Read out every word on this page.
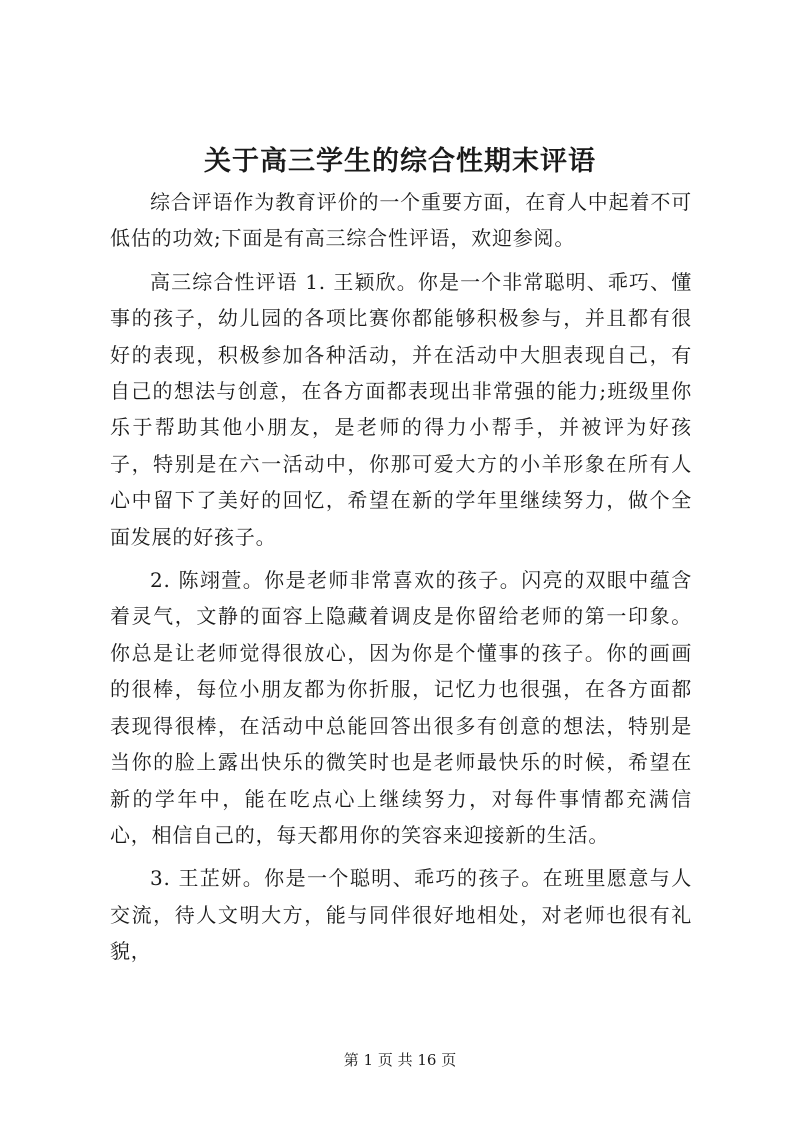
关于高三学生的综合性期末评语

综合评语作为教育评价的一个重要方面，在育人中起着不可低估的功效;下面是有高三综合性评语，欢迎参阅。

高三综合性评语 1. 王颖欣。你是一个非常聪明、乖巧、懂事的孩子，幼儿园的各项比赛你都能够积极参与，并且都有很好的表现，积极参加各种活动，并在活动中大胆表现自己，有自己的想法与创意，在各方面都表现出非常强的能力;班级里你乐于帮助其他小朋友，是老师的得力小帮手，并被评为好孩子，特别是在六一活动中，你那可爱大方的小羊形象在所有人心中留下了美好的回忆，希望在新的学年里继续努力，做个全面发展的好孩子。

2. 陈翊萱。你是老师非常喜欢的孩子。闪亮的双眼中蕴含着灵气，文静的面容上隐藏着调皮是你留给老师的第一印象。你总是让老师觉得很放心，因为你是个懂事的孩子。你的画画的很棒，每位小朋友都为你折服，记忆力也很强，在各方面都表现得很棒，在活动中总能回答出很多有创意的想法，特别是当你的脸上露出快乐的微笑时也是老师最快乐的时候，希望在新的学年中，能在吃点心上继续努力，对每件事情都充满信心，相信自己的，每天都用你的笑容来迎接新的生活。

3. 王芷妍。你是一个聪明、乖巧的孩子。在班里愿意与人交流，待人文明大方，能与同伴很好地相处，对老师也很有礼貌，

第 1 页 共 16 页
